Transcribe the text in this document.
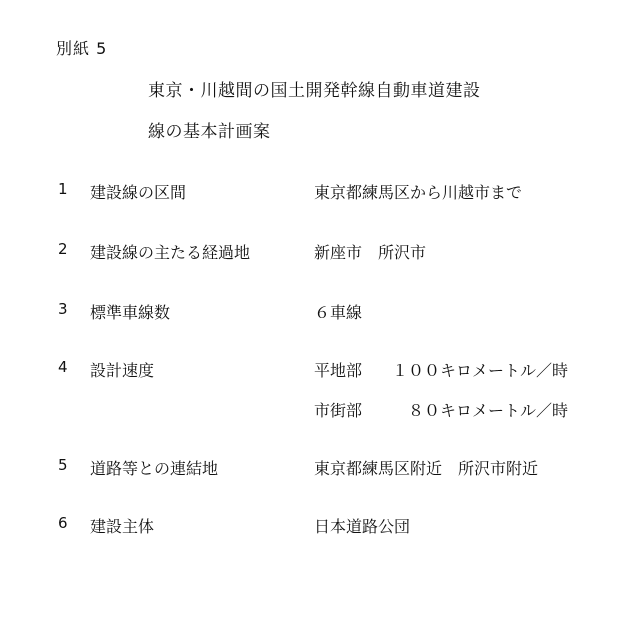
別紙 5
東京・川越間の国土開発幹線自動車道建設
線の基本計画案
1 建設線の区間	東京都練馬区から川越市まで
2 建設線の主たる経過地	新座市　所沢市
3 標準車線数	６車線
4 設計速度	平地部 １００キロメートル／時
市街部	８０キロメートル／時
5 道路等との連結地	東京都練馬区附近　所沢市附近
6 建設主体	日本道路公団
